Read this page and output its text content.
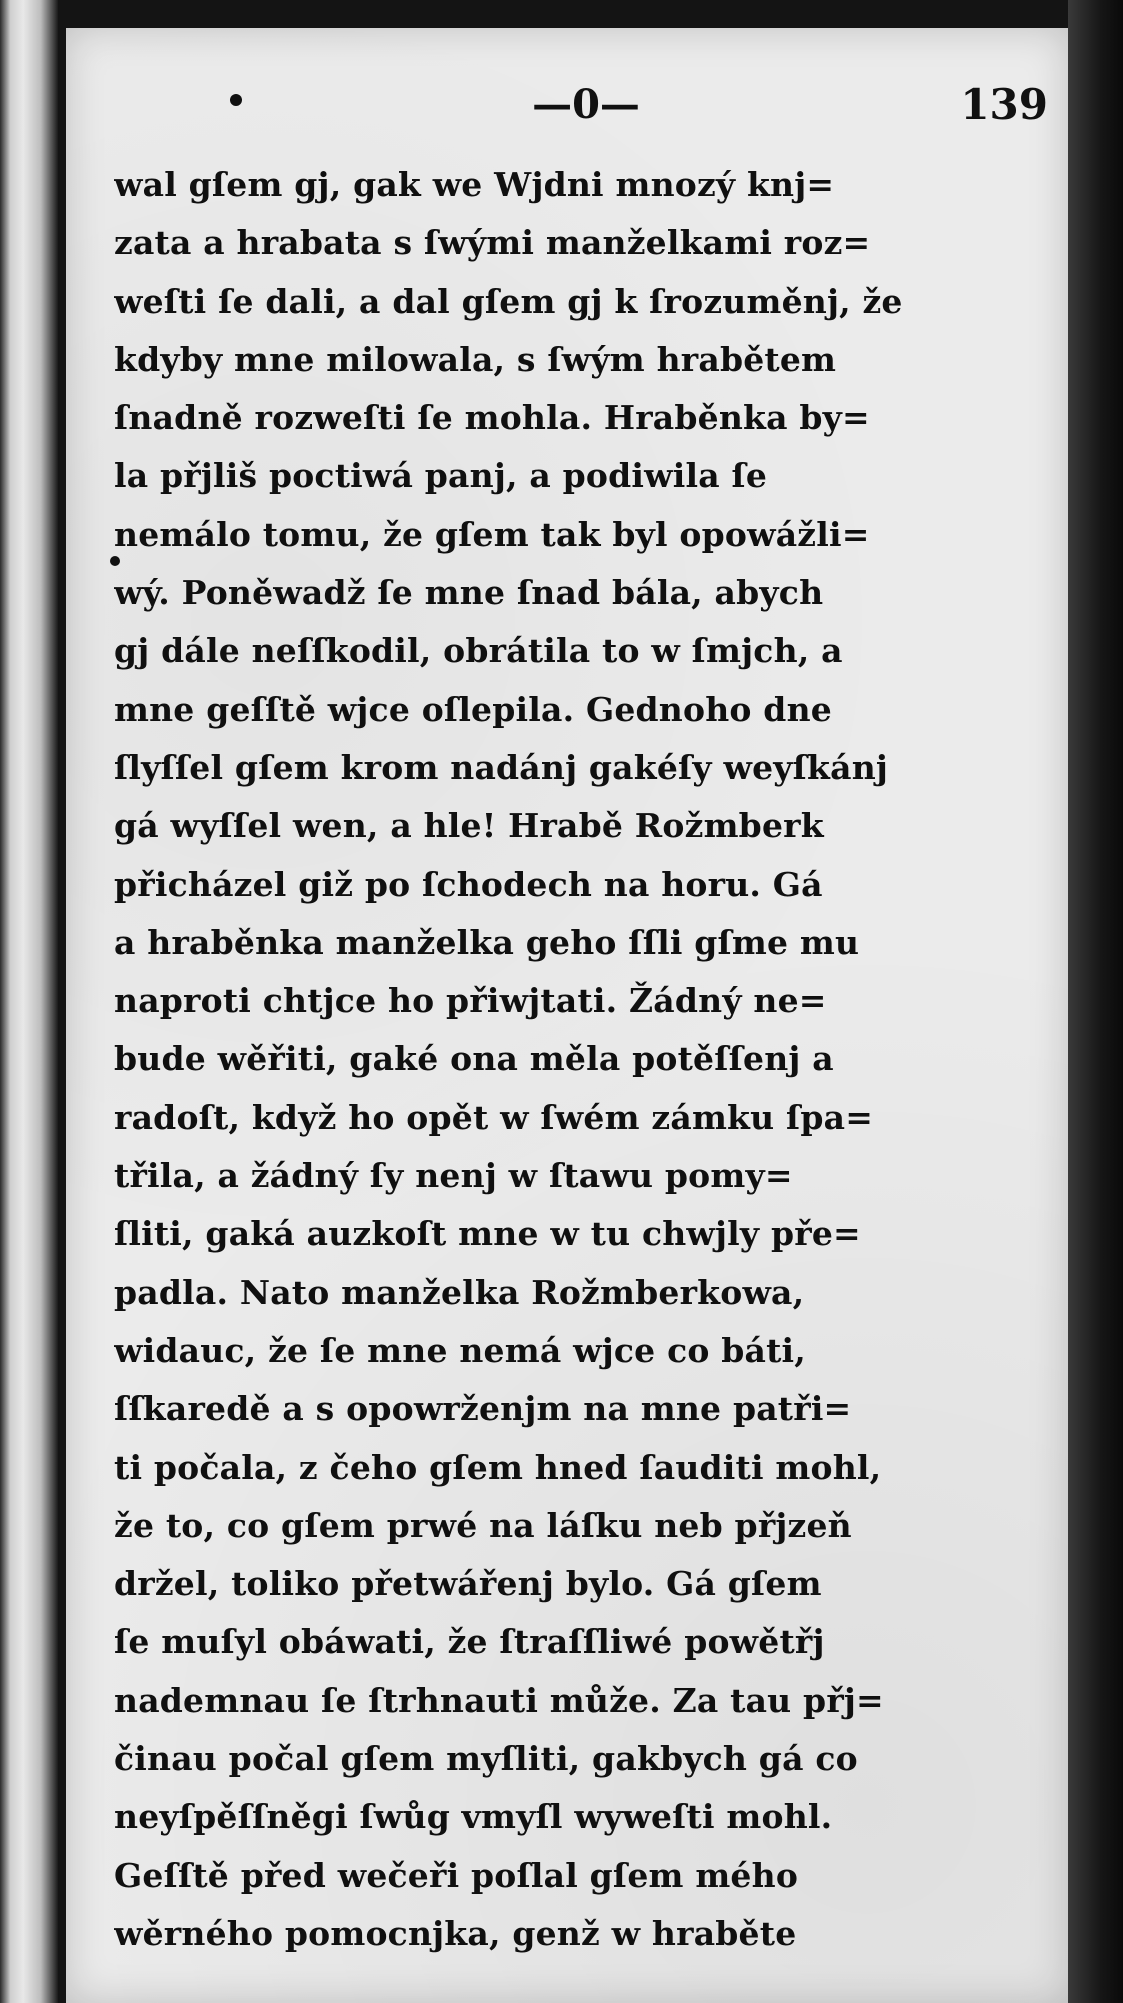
—0—	139
wal gſem gj, gak we Wjdni mnozý knj=
zata a hrabata s ſwými manželkami roz=
weſti ſe dali, a dal gſem gj k ſrozuměnj, že
kdyby mne milowala, s ſwým hrabětem
ſnadně rozweſti ſe mohla. Hraběnka by=
la přjliš poctiwá panj, a podiwila ſe
nemálo tomu, že gſem tak byl opowážli=
wý. Poněwadž ſe mne ſnad bála, abych
gj dále neſſkodil, obrátila to w ſmjch, a
mne geſſtě wjce oſlepila. Gednoho dne
ſlyſſel gſem krom nadánj gakéſy weyſkánj
gá wyſſel wen, a hle! Hrabě Rožmberk
přicházel giž po ſchodech na horu. Gá
a hraběnka manželka geho ſſli gſme mu
naproti chtjce ho přiwjtati. Žádný ne=
bude wěřiti, gaké ona měla potěſſenj a
radoſt, když ho opět w ſwém zámku ſpa=
třila, a žádný ſy nenj w ſtawu pomy=
ſliti, gaká auzkoſt mne w tu chwjly pře=
padla. Nato manželka Rožmberkowa,
widauc, že ſe mne nemá wjce co báti,
ſſkaredě a s opowrženjm na mne patři=
ti počala, z čeho gſem hned ſauditi mohl,
že to, co gſem prwé na láſku neb přjzeň
držel, toliko přetwářenj bylo. Gá gſem
ſe muſyl obáwati, že ſtraſſliwé powětřj
nademnau ſe ſtrhnauti může. Za tau přj=
činau počal gſem myſliti, gakbych gá co
neyſpěſſněgi ſwůg vmyſl wyweſti mohl.
Geſſtě před wečeři poſlal gſem mého
wěrného pomocnjka, genž w hraběte
